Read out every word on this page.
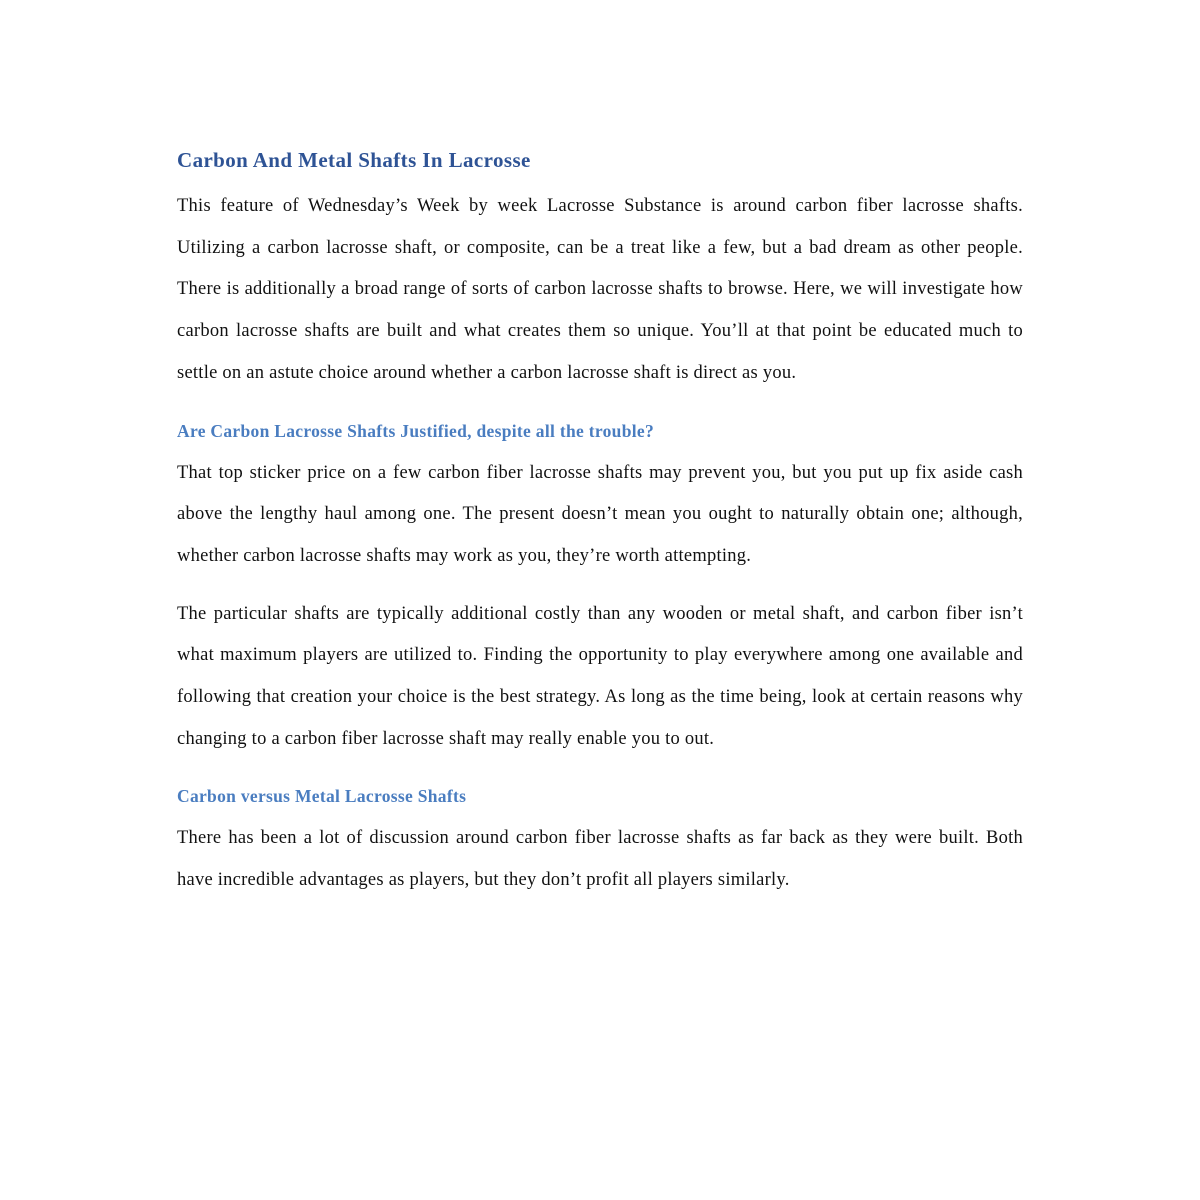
Carbon And Metal Shafts In Lacrosse

This feature of Wednesday’s Week by week Lacrosse Substance is around carbon fiber lacrosse shafts. Utilizing a carbon lacrosse shaft, or composite, can be a treat like a few, but a bad dream as other people. There is additionally a broad range of sorts of carbon lacrosse shafts to browse. Here, we will investigate how carbon lacrosse shafts are built and what creates them so unique. You’ll at that point be educated much to settle on an astute choice around whether a carbon lacrosse shaft is direct as you.

Are Carbon Lacrosse Shafts Justified, despite all the trouble?

That top sticker price on a few carbon fiber lacrosse shafts may prevent you, but you put up fix aside cash above the lengthy haul among one. The present doesn’t mean you ought to naturally obtain one; although, whether carbon lacrosse shafts may work as you, they’re worth attempting.

The particular shafts are typically additional costly than any wooden or metal shaft, and carbon fiber isn’t what maximum players are utilized to. Finding the opportunity to play everywhere among one available and following that creation your choice is the best strategy. As long as the time being, look at certain reasons why changing to a carbon fiber lacrosse shaft may really enable you to out.

Carbon versus Metal Lacrosse Shafts

There has been a lot of discussion around carbon fiber lacrosse shafts as far back as they were built. Both have incredible advantages as players, but they don’t profit all players similarly.
